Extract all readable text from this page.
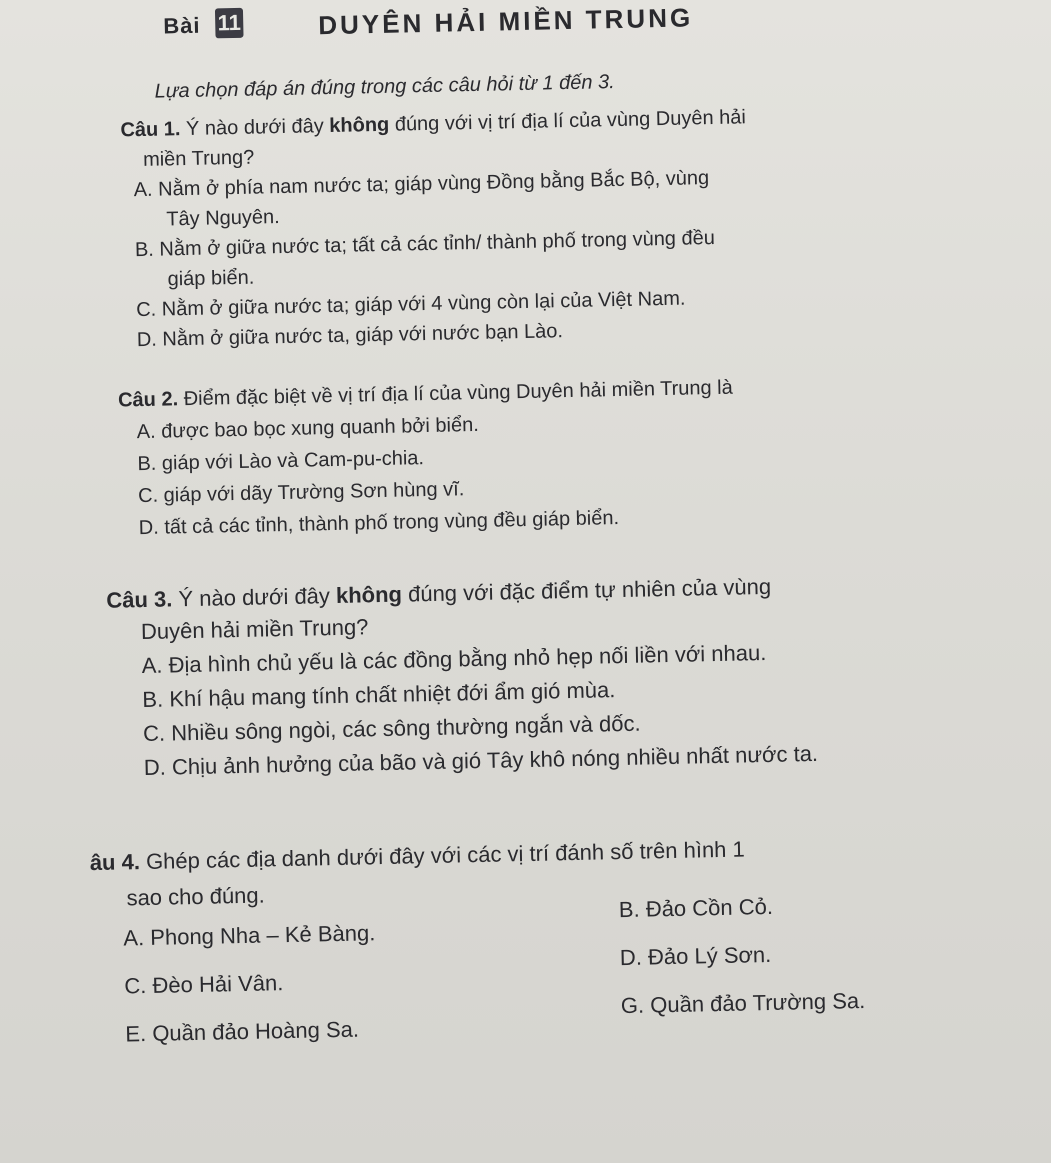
Bài 11	DUYÊN HẢI MIỀN TRUNG
Lựa chọn đáp án đúng trong các câu hỏi từ 1 đến 3.
Câu 1. Ý nào dưới đây không đúng với vị trí địa lí của vùng Duyên hải
miền Trung?
A. Nằm ở phía nam nước ta; giáp vùng Đồng bằng Bắc Bộ, vùng
Tây Nguyên.
B. Nằm ở giữa nước ta; tất cả các tỉnh/ thành phố trong vùng đều
giáp biển.
C. Nằm ở giữa nước ta; giáp với 4 vùng còn lại của Việt Nam.
D. Nằm ở giữa nước ta, giáp với nước bạn Lào.
Câu 2. Điểm đặc biệt về vị trí địa lí của vùng Duyên hải miền Trung là
A. được bao bọc xung quanh bởi biển.
B. giáp với Lào và Cam-pu-chia.
C. giáp với dãy Trường Sơn hùng vĩ.
D. tất cả các tỉnh, thành phố trong vùng đều giáp biển.
Câu 3. Ý nào dưới đây không đúng với đặc điểm tự nhiên của vùng
Duyên hải miền Trung?
A. Địa hình chủ yếu là các đồng bằng nhỏ hẹp nối liền với nhau.
B. Khí hậu mang tính chất nhiệt đới ẩm gió mùa.
C. Nhiều sông ngòi, các sông thường ngắn và dốc.
D. Chịu ảnh hưởng của bão và gió Tây khô nóng nhiều nhất nước ta.
âu 4. Ghép các địa danh dưới đây với các vị trí đánh số trên hình 1
sao cho đúng.
A. Phong Nha – Kẻ Bàng.
C. Đèo Hải Vân.
E. Quần đảo Hoàng Sa.
B. Đảo Cồn Cỏ.
D. Đảo Lý Sơn.
G. Quần đảo Trường Sa.
